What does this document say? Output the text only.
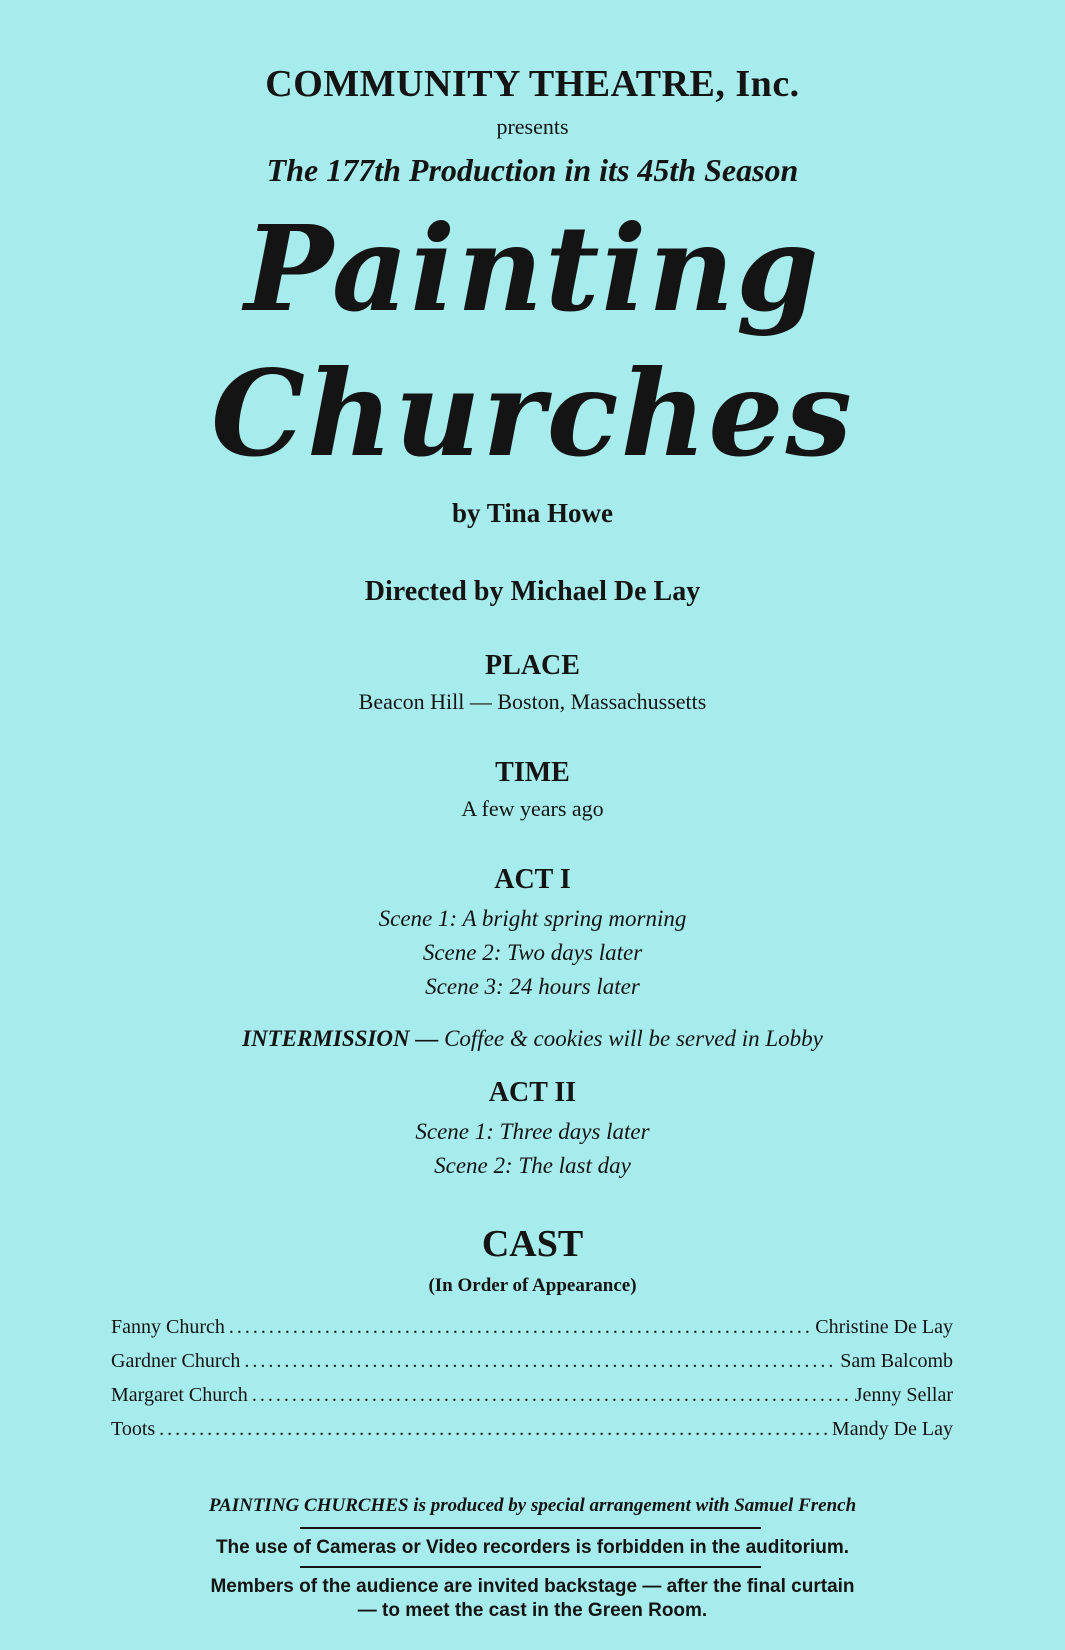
COMMUNITY THEATRE, Inc.
presents
The 177th Production in its 45th Season
Painting
Churches
by Tina Howe
Directed by Michael De Lay
PLACE
Beacon Hill — Boston, Massachussetts
TIME
A few years ago
ACT I
Scene 1: A bright spring morning
Scene 2: Two days later
Scene 3: 24 hours later
INTERMISSION — Coffee & cookies will be served in Lobby
ACT II
Scene 1: Three days later
Scene 2: The last day
CAST
(In Order of Appearance)
Fanny Church .....	Christine De Lay
Gardner Church .....	Sam Balcomb
Margaret Church .....	Jenny Sellar
Toots .....	Mandy De Lay
PAINTING CHURCHES is produced by special arrangement with Samuel French
The use of Cameras or Video recorders is forbidden in the auditorium.
Members of the audience are invited backstage — after the final curtain
— to meet the cast in the Green Room.
